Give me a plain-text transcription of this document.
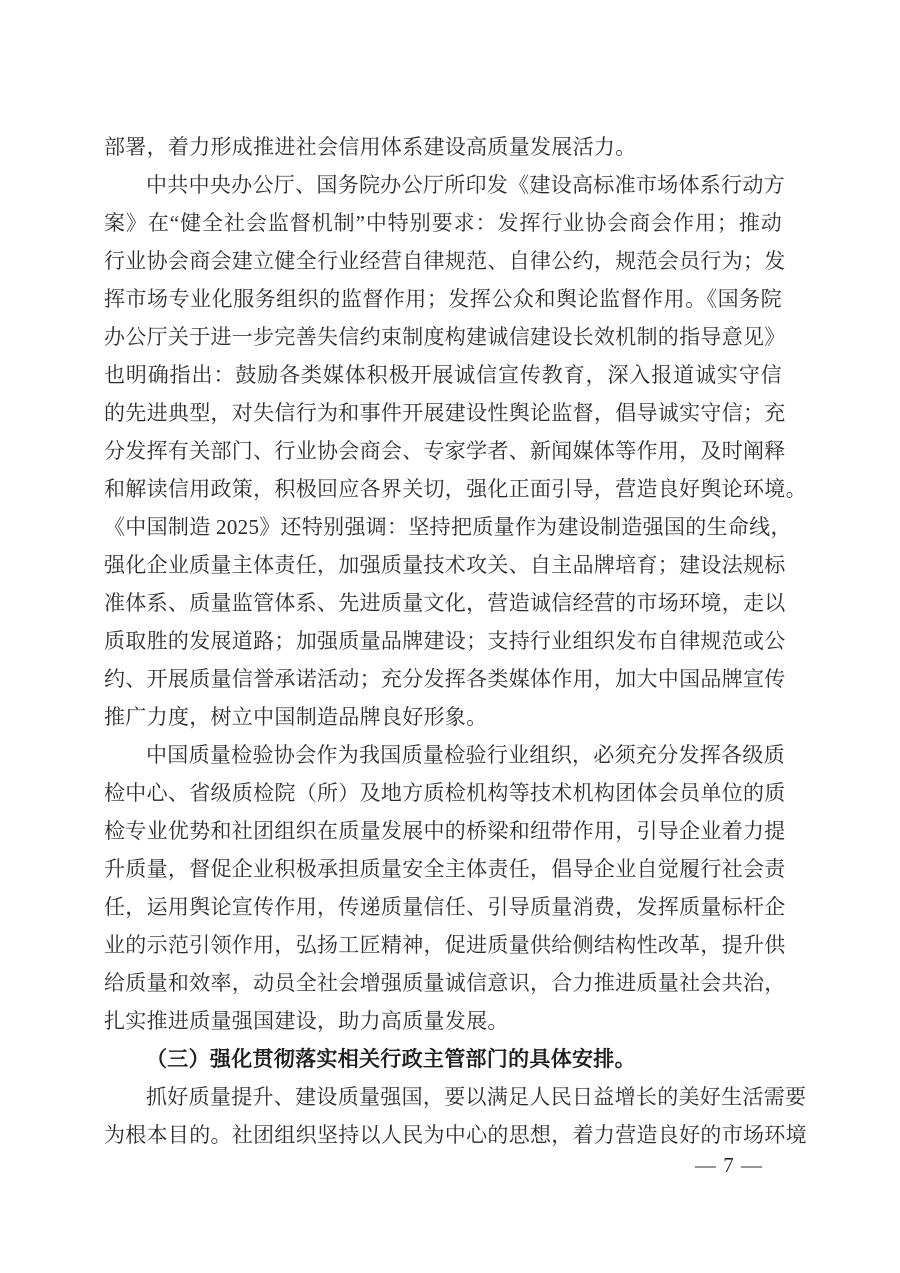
部署，着力形成推进社会信用体系建设高质量发展活力。
中共中央办公厅、国务院办公厅所印发《建设高标准市场体系行动方
案》在“健全社会监督机制”中特别要求：发挥行业协会商会作用；推动
行业协会商会建立健全行业经营自律规范、自律公约，规范会员行为；发
挥市场专业化服务组织的监督作用；发挥公众和舆论监督作用。《国务院
办公厅关于进一步完善失信约束制度构建诚信建设长效机制的指导意见》
也明确指出：鼓励各类媒体积极开展诚信宣传教育，深入报道诚实守信
的先进典型，对失信行为和事件开展建设性舆论监督，倡导诚实守信；充
分发挥有关部门、行业协会商会、专家学者、新闻媒体等作用，及时阐释
和解读信用政策，积极回应各界关切，强化正面引导，营造良好舆论环境。
《中国制造 2025》还特别强调：坚持把质量作为建设制造强国的生命线，
强化企业质量主体责任，加强质量技术攻关、自主品牌培育；建设法规标
准体系、质量监管体系、先进质量文化，营造诚信经营的市场环境，走以
质取胜的发展道路；加强质量品牌建设；支持行业组织发布自律规范或公
约、开展质量信誉承诺活动；充分发挥各类媒体作用，加大中国品牌宣传
推广力度，树立中国制造品牌良好形象。
中国质量检验协会作为我国质量检验行业组织，必须充分发挥各级质
检中心、省级质检院（所）及地方质检机构等技术机构团体会员单位的质
检专业优势和社团组织在质量发展中的桥梁和纽带作用，引导企业着力提
升质量，督促企业积极承担质量安全主体责任，倡导企业自觉履行社会责
任，运用舆论宣传作用，传递质量信任、引导质量消费，发挥质量标杆企
业的示范引领作用，弘扬工匠精神，促进质量供给侧结构性改革，提升供
给质量和效率，动员全社会增强质量诚信意识，合力推进质量社会共治，
扎实推进质量强国建设，助力高质量发展。
（三）强化贯彻落实相关行政主管部门的具体安排。
抓好质量提升、建设质量强国，要以满足人民日益增长的美好生活需要
为根本目的。社团组织坚持以人民为中心的思想，着力营造良好的市场环境
— 7 —
